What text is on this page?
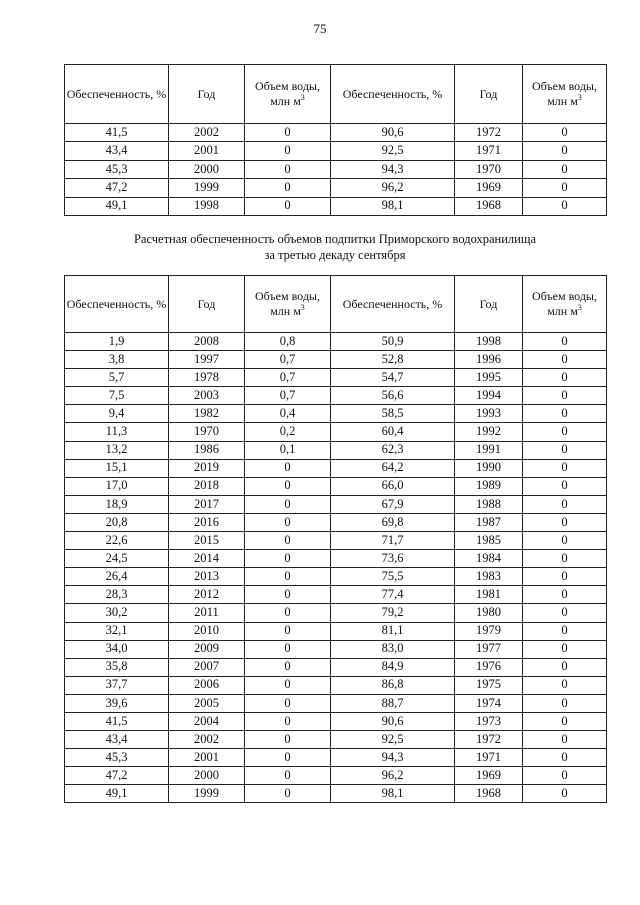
75
Обеспеченность, %	Год	Объем воды, млн $м^3$	Обеспеченность, %	Год	Объем воды, млн $м^3$
41,5	2002	0	90,6	1972	0
43,4	2001	0	92,5	1971	0
45,3	2000	0	94,3	1970	0
47,2	1999	0	96,2	1969	0
49,1	1998	0	98,1	1968	0
Расчетная обеспеченность объемов подпитки Приморского водохранилища
за третью декаду сентября
Обеспеченность, %	Год	Объем воды, млн $м^3$	Обеспеченность, %	Год	Объем воды, млн $м^3$
1,9	2008	0,8	50,9	1998	0
3,8	1997	0,7	52,8	1996	0
5,7	1978	0,7	54,7	1995	0
7,5	2003	0,7	56,6	1994	0
9,4	1982	0,4	58,5	1993	0
11,3	1970	0,2	60,4	1992	0
13,2	1986	0,1	62,3	1991	0
15,1	2019	0	64,2	1990	0
17,0	2018	0	66,0	1989	0
18,9	2017	0	67,9	1988	0
20,8	2016	0	69,8	1987	0
22,6	2015	0	71,7	1985	0
24,5	2014	0	73,6	1984	0
26,4	2013	0	75,5	1983	0
28,3	2012	0	77,4	1981	0
30,2	2011	0	79,2	1980	0
32,1	2010	0	81,1	1979	0
34,0	2009	0	83,0	1977	0
35,8	2007	0	84,9	1976	0
37,7	2006	0	86,8	1975	0
39,6	2005	0	88,7	1974	0
41,5	2004	0	90,6	1973	0
43,4	2002	0	92,5	1972	0
45,3	2001	0	94,3	1971	0
47,2	2000	0	96,2	1969	0
49,1	1999	0	98,1	1968	0
